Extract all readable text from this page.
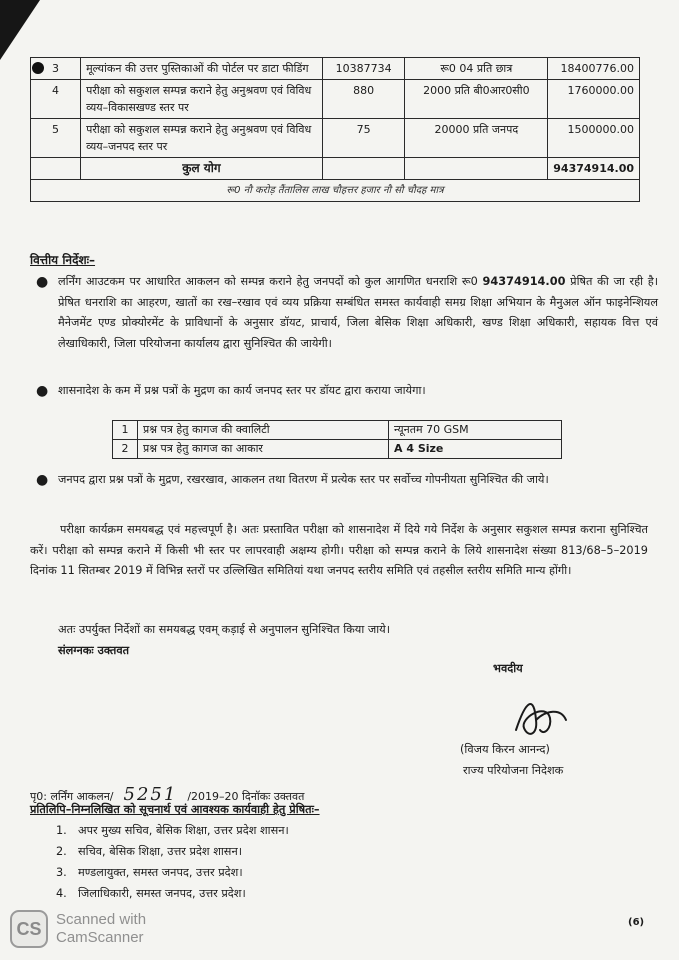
3	मूल्यांकन की उत्तर पुस्तिकाओं की पोर्टल पर डाटा फीडिंग	10387734	रू0 04 प्रति छात्र	18400776.00
4	परीक्षा को सकुशल सम्पन्न कराने हेतु अनुश्रवण एवं विविध व्यय–विकासखण्ड स्तर पर	880	2000 प्रति बी0आर0सी0	1760000.00
5	परीक्षा को सकुशल सम्पन्न कराने हेतु अनुश्रवण एवं विविध व्यय–जनपद स्तर पर	75	20000 प्रति जनपद	1500000.00
	कुल योग			94374914.00
रू0 नौ करोड़ तैंतालिस लाख चौहत्तर हजार नौ सौ चौदह मात्र				
वित्तीय निर्देशः–
● लर्निंग आउटकम पर आधारित आकलन को सम्पन्न कराने हेतु जनपदों को कुल आगणित धनराशि रू0 94374914.00 प्रेषित की जा रही है। प्रेषित धनराशि का आहरण, खातों का रख–रखाव एवं व्यय प्रक्रिया सम्बंधित समस्त कार्यवाही समग्र शिक्षा अभियान के मैनुअल ऑन फाइनेन्शियल मैनेजमेंट एण्ड प्रोक्योरमेंट के प्राविधानों के अनुसार डॉयट, प्राचार्य, जिला बेसिक शिक्षा अधिकारी, खण्ड शिक्षा अधिकारी, सहायक वित्त एवं लेखाधिकारी, जिला परियोजना कार्यालय द्वारा सुनिश्चित की जायेगी।
● शासनादेश के कम में प्रश्न पत्रों के मुद्रण का कार्य जनपद स्तर पर डॉयट द्वारा कराया जायेगा।
1	प्रश्न पत्र हेतु कागज की क्वालिटी	न्यूनतम 70 GSM
2	प्रश्न पत्र हेतु कागज का आकार	A 4 Size
● जनपद द्वारा प्रश्न पत्रों के मुद्रण, रखरखाव, आकलन तथा वितरण में प्रत्येक स्तर पर सर्वोच्च गोपनीयता सुनिश्चित की जाये।
परीक्षा कार्यक्रम समयबद्ध एवं महत्त्वपूर्ण है। अतः प्रस्तावित परीक्षा को शासनादेश में दिये गये निर्देश के अनुसार सकुशल सम्पन्न कराना सुनिश्चित करें। परीक्षा को सम्पन्न कराने में किसी भी स्तर पर लापरवाही अक्षम्य होगी। परीक्षा को सम्पन्न कराने के लिये शासनादेश संख्या 813/68–5–2019 दिनांक 11 सितम्बर 2019 में विभिन्न स्तरों पर उल्लिखित समितियां यथा जनपद स्तरीय समिति एवं तहसील स्तरीय समिति मान्य होंगी।
अतः उपर्युक्त निर्देशों का समयबद्ध एवम् कड़ाई से अनुपालन सुनिश्चित किया जाये।
संलग्नकः उक्तवत
भवदीय
(विजय किरन आनन्द)
राज्य परियोजना निदेशक
पृ0: लर्निंग आकलन/ 5251 /2019–20 दिनॉकः उक्तवत
प्रतिलिपि–निम्नलिखित को सूचनार्थ एवं आवश्यक कार्यवाही हेतु प्रेषितः–
1. अपर मुख्य सचिव, बेसिक शिक्षा, उत्तर प्रदेश शासन।
2. सचिव, बेसिक शिक्षा, उत्तर प्रदेश शासन।
3. मण्डलायुक्त, समस्त जनपद, उत्तर प्रदेश।
4. जिलाधिकारी, समस्त जनपद, उत्तर प्रदेश।
CS Scanned with
CamScanner
(6)
